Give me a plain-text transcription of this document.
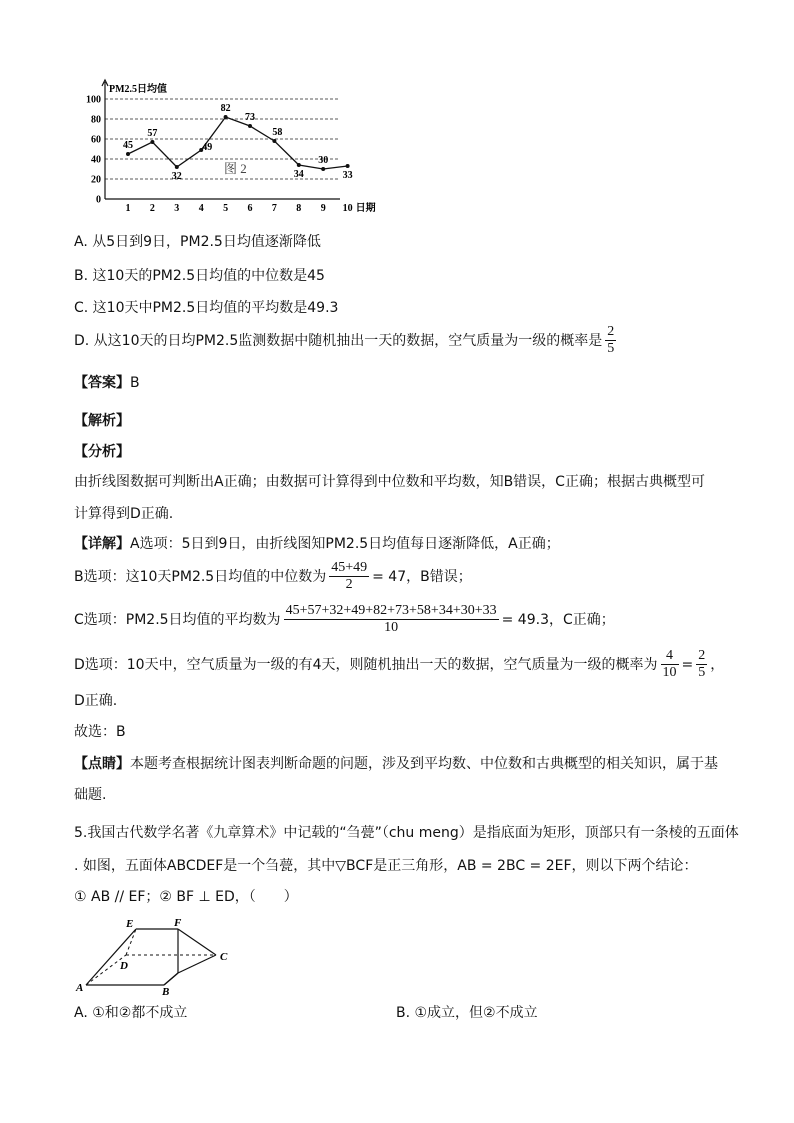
PM2.5日均值
0
20
40
60
80
100
1 2 3 4 5 6 7 8 9 10 日期
图 2
45
57
32
49
82
73
58
34
30
33
A. 从5日到9日，PM2.5日均值逐渐降低
B. 这10天的PM2.5日均值的中位数是45
C. 这10天中PM2.5日均值的平均数是49.3
D. 从这10天的日均PM2.5监测数据中随机抽出一天的数据，空气质量为一级的概率是 $\frac{2}{5}$
【答案】B
【解析】
【分析】
由折线图数据可判断出A正确；由数据可计算得到中位数和平均数，知B错误，C正确；根据古典概型可
计算得到D正确.
【详解】A选项：5日到9日，由折线图知PM2.5日均值每日逐渐降低，A正确；
B选项：这10天PM2.5日均值的中位数为 $\frac{45+49}{2} = 47$，B错误；
C选项：PM2.5日均值的平均数为 $\frac{45+57+32+49+82+73+58+34+30+33}{10} = 49.3$，C正确；
D选项：10天中，空气质量为一级的有4天，则随机抽出一天的数据，空气质量为一级的概率为 $\frac{4}{10} = \frac{2}{5}$ ，
D正确.
故选：B
【点睛】本题考查根据统计图表判断命题的问题，涉及到平均数、中位数和古典概型的相关知识，属于基
础题.
5.我国古代数学名著《九章算术》中记载的“刍甍”（chu meng）是指底面为矩形，顶部只有一条棱的五面体
. 如图，五面体ABCDEF是一个刍甍，其中▽BCF是正三角形，AB = 2BC = 2EF，则以下两个结论：
① AB // EF；② BF ⊥ ED，（　　）
A	B
C
D
E	F
A. ①和②都不成立	B. ①成立，但②不成立
